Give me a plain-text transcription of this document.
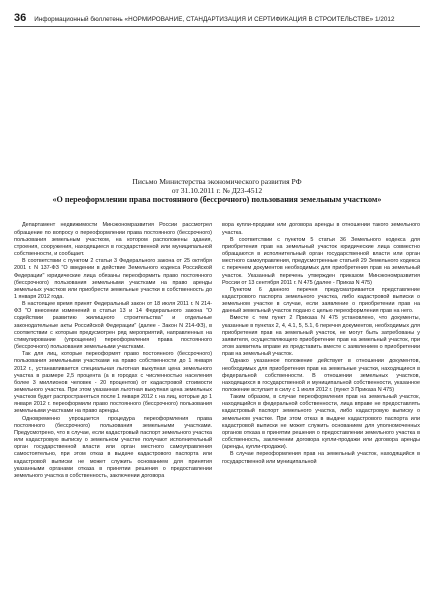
36 Информационный бюллетень «НОРМИРОВАНИЕ, СТАНДАРТИЗАЦИЯ И СЕРТИФИКАЦИЯ В СТРОИТЕЛЬСТВЕ» 1/2012
Письмо Министерства экономического развития РФ
от 31.10.2011 г. № Д23-4512
«О переоформлении права постоянного (бессрочного) пользования земельным участком»

Департамент недвижимости Минэкономразвития России рассмотрел обращение по вопросу о переоформлении права постоянного (бессрочного) пользования земельным участком, на котором расположены здания, строения, сооружения, находящиеся в государственной или муниципальной собственности, и сообщает.

В соответствии с пунктом 2 статьи 3 Федерального закона от 25 октября 2001 г. N 137-ФЗ "О введении в действие Земельного кодекса Российской Федерации" юридические лица обязаны переоформить право постоянного (бессрочного) пользования земельными участками на право аренды земельных участков или приобрести земельные участки в собственность до 1 января 2012 года.

В настоящее время принят Федеральный закон от 18 июля 2011 г. N 214-ФЗ "О внесении изменений в статьи 13 и 14 Федерального закона "О содействии развитию жилищного строительства" и отдельные законодательные акты Российской Федерации" (далее - Закон N 214-ФЗ), в соответствии с которым предусмотрен ряд мероприятий, направленных на стимулирование (упрощение) переоформления права постоянного (бессрочного) пользования земельными участками.

Так для лиц, которые переоформят право постоянного (бессрочного) пользования земельными участками на право собственности до 1 января 2012 г., устанавливается специальная льготная выкупная цена земельного участка в размере 2,5 процента (а в городах с численностью населения более 3 миллионов человек - 20 процентов) от кадастровой стоимости земельного участка. При этом указанная льготная выкупная цена земельных участков будет распространяться после 1 января 2012 г. на лиц, которые до 1 января 2012 г. переоформили право постоянного (бессрочного) пользования земельными участками на право аренды.

Одновременно упрощается процедура переоформления права постоянного (бессрочного) пользования земельными участками. Предусмотрено, что в случае, если кадастровый паспорт земельного участка или кадастровую выписку о земельном участке получают исполнительный орган государственной власти или орган местного самоуправления самостоятельно, при этом отказ в выдаче кадастрового паспорта или кадастровой выписки не может служить основанием для принятия указанными органами отказа в принятии решения о предоставлении земельного участка в собственность, заключении договора

ворa купли-продажи или договора аренды в отношении такого земельного участка.

В соответствии с пунктом 5 статьи 36 Земельного кодекса для приобретения прав на земельный участок юридические лица совместно обращаются в исполнительный орган государственной власти или орган местного самоуправления, предусмотренные статьей 29 Земельного кодекса с перечнем документов необходимых для приобретения прав на земельный участок. Указанный перечень утвержден приказом Минэкономразвития России от 13 сентября 2011 г. N 475 (далее - Приказ N 475)

Пунктом 6 данного перечня предусматривается представление кадастрового паспорта земельного участка, либо кадастровой выписки о земельном участке в случае, если заявление о приобретении прав на данный земельный участок подано с целью переоформления прав на него.

Вместе с тем пункт 2 Приказа N 475 установлено, что документы, указанные в пунктах 2, 4, 4.1, 5, 5.1, 6 перечня документов, необходимых для приобретения прав на земельный участок, не могут быть затребованы у заявителя, осуществляющего приобретение прав на земельный участок, при этом заявитель вправе их представить вместе с заявлением о приобретении прав на земельный участок.

Однако указанное положение действует в отношении документов, необходимых для приобретения прав на земельные участки, находящиеся в федеральной собственности. В отношении земельных участков, находящихся в государственной и муниципальной собственности, указанное положение вступает в силу с 1 июля 2012 г. (пункт 3 Приказа N 475)

Таким образом, в случае переоформления прав на земельный участок, находящийся в федеральной собственности, лица вправе не предоставлять кадастровый паспорт земельного участка, либо кадастровую выписку о земельном участке. При этом отказ в выдаче кадастрового паспорта или кадастровой выписки не может служить основанием для уполномоченных органов отказа в принятии решения о предоставлении земельного участка в собственность, заключении договора купли-продажи или договора аренды (аренды, купли-продажи).

В случае переоформления прав на земельный участок, находящийся в государственной или муниципальной
